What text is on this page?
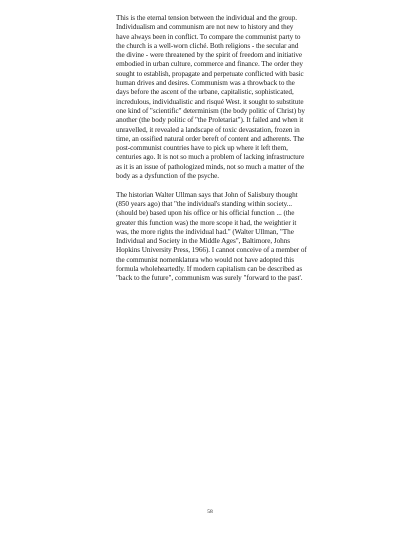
This is the eternal tension between the individual and the group. Individualism and communism are not new to history and they have always been in conflict. To compare the communist party to the church is a well-worn cliché. Both religions - the secular and the divine - were threatened by the spirit of freedom and initiative embodied in urban culture, commerce and finance. The order they sought to establish, propagate and perpetuate conflicted with basic human drives and desires. Communism was a throwback to the days before the ascent of the urbane, capitalistic, sophisticated, incredulous, individualistic and risqué West. it sought to substitute one kind of "scientific" determinism (the body politic of Christ) by another (the body politic of "the Proletariat"). It failed and when it unravelled, it revealed a landscape of toxic devastation, frozen in time, an ossified natural order bereft of content and adherents. The post-communist countries have to pick up where it left them, centuries ago. It is not so much a problem of lacking infrastructure as it is an issue of pathologized minds, not so much a matter of the body as a dysfunction of the psyche.

The historian Walter Ullman says that John of Salisbury thought (850 years ago) that "the individual's standing within society... (should be) based upon his office or his official function ... (the greater this function was) the more scope it had, the weightier it was, the more rights the individual had." (Walter Ullman, "The Individual and Society in the Middle Ages", Baltimore, Johns Hopkins University Press, 1966). I cannot conceive of a member of the communist nomenklatura who would not have adopted this formula wholeheartedly. If modern capitalism can be described as "back to the future", communism was surely "forward to the past'.

58
